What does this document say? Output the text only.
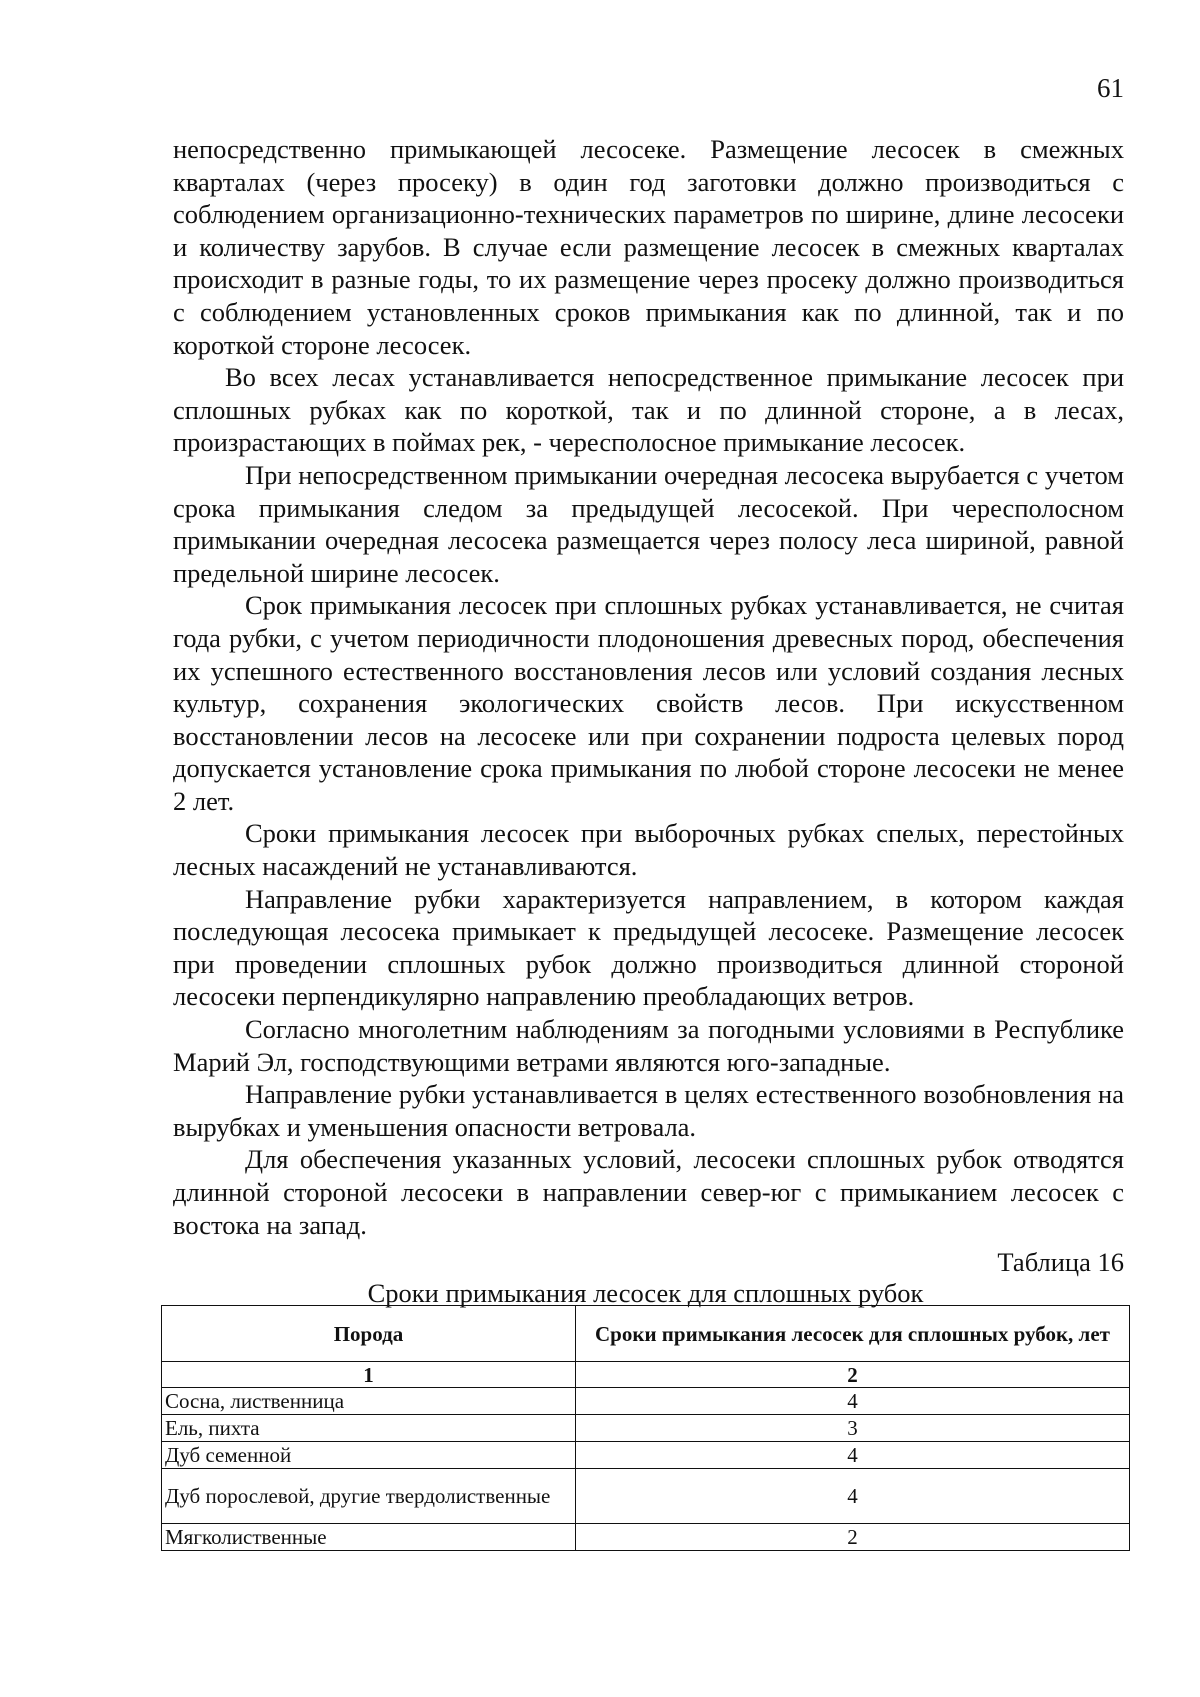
61

непосредственно примыкающей лесосеке. Размещение лесосек в смежных кварталах (через просеку) в один год заготовки должно производиться с соблюдением организационно-технических параметров по ширине, длине лесосеки и количеству зарубов. В случае если размещение лесосек в смежных кварталах происходит в разные годы, то их размещение через просеку должно производиться с соблюдением установленных сроков примыкания как по длинной, так и по короткой стороне лесосек.

Во всех лесах устанавливается непосредственное примыкание лесосек при сплошных рубках как по короткой, так и по длинной стороне, а в лесах, произрастающих в поймах рек, - чересполосное примыкание лесосек.

При непосредственном примыкании очередная лесосека вырубается с учетом срока примыкания следом за предыдущей лесосекой. При чересполосном примыкании очередная лесосека размещается через полосу леса шириной, равной предельной ширине лесосек.

Срок примыкания лесосек при сплошных рубках устанавливается, не считая года рубки, с учетом периодичности плодоношения древесных пород, обеспечения их успешного естественного восстановления лесов или условий создания лесных культур, сохранения экологических свойств лесов. При искусственном восстановлении лесов на лесосеке или при сохранении подроста целевых пород допускается установление срока примыкания по любой стороне лесосеки не менее 2 лет.

Сроки примыкания лесосек при выборочных рубках спелых, перестойных лесных насаждений не устанавливаются.

Направление рубки характеризуется направлением, в котором каждая последующая лесосека примыкает к предыдущей лесосеке. Размещение лесосек при проведении сплошных рубок должно производиться длинной стороной лесосеки перпендикулярно направлению преобладающих ветров.

Согласно многолетним наблюдениям за погодными условиями в Республике Марий Эл, господствующими ветрами являются юго-западные.

Направление рубки устанавливается в целях естественного возобновления на вырубках и уменьшения опасности ветровала.

Для обеспечения указанных условий, лесосеки сплошных рубок отводятся длинной стороной лесосеки в направлении север-юг с примыканием лесосек с востока на запад.

Таблица 16

Сроки примыкания лесосек для сплошных рубок

Порода	Сроки примыкания лесосек для сплошных рубок, лет
1	2
Сосна, лиственница	4
Ель, пихта	3
Дуб семенной	4
Дуб порослевой, другие твердолиственные	4
Мягколиственные	2
